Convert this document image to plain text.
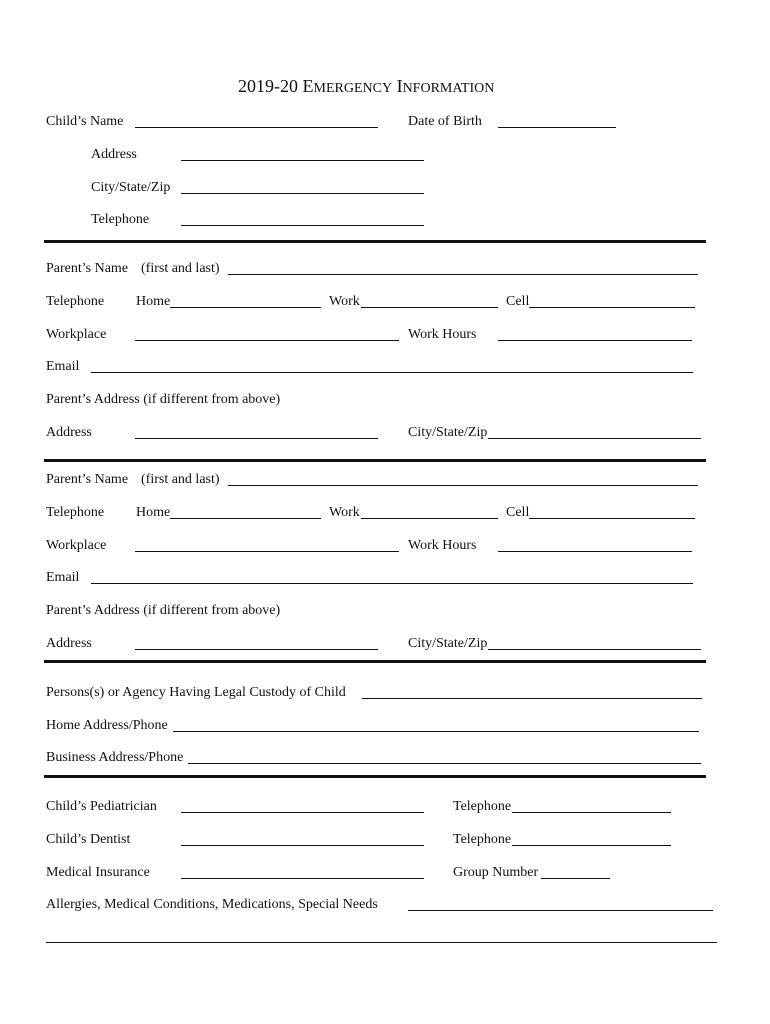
2019-20 EMERGENCY INFORMATION
Child’s Name	Date of Birth
Address
City/State/Zip
Telephone
Parent’s Name (first and last)
Telephone Home	Work	Cell
Workplace	Work Hours
Email
Parent’s Address (if different from above)
Address	City/State/Zip
Parent’s Name (first and last)
Telephone Home	Work	Cell
Workplace	Work Hours
Email
Parent’s Address (if different from above)
Address	City/State/Zip
Persons(s) or Agency Having Legal Custody of Child
Home Address/Phone
Business Address/Phone
Child’s Pediatrician	Telephone
Child’s Dentist	Telephone
Medical Insurance	Group Number
Allergies, Medical Conditions, Medications, Special Needs
